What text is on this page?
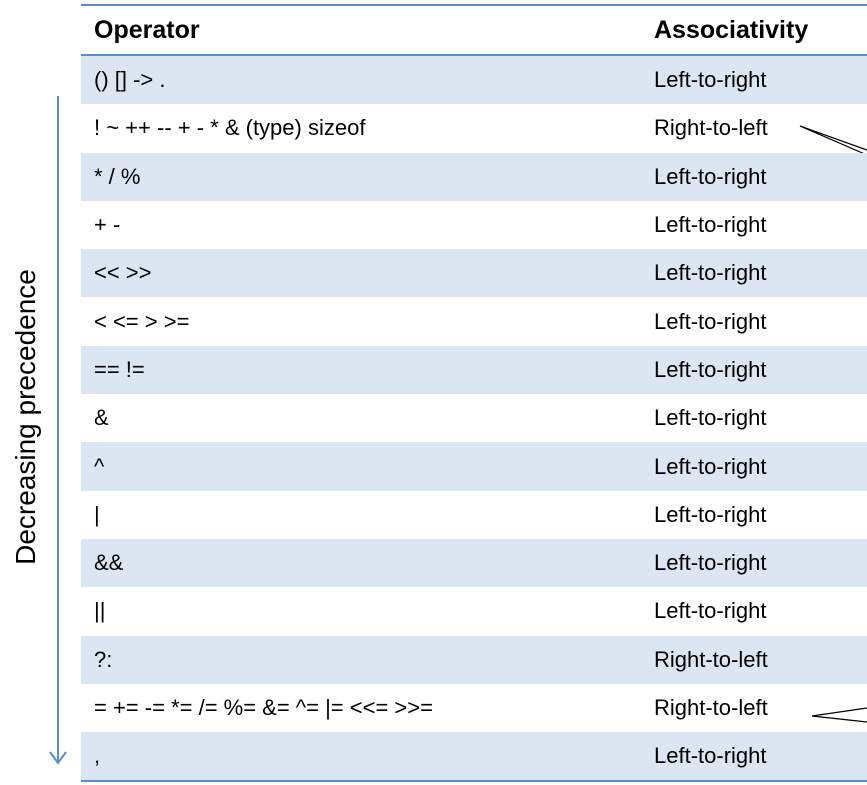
Decreasing precedence
Operator	Associativity
() [] -> .	Left-to-right
! ~ ++ -- + - * & (type) sizeof	Right-to-left
* / %	Left-to-right
+ -	Left-to-right
<< >>	Left-to-right
< <= > >=	Left-to-right
== !=	Left-to-right
&	Left-to-right
^	Left-to-right
|	Left-to-right
&&	Left-to-right
||	Left-to-right
?:	Right-to-left
= += -= *= /= %= &= ^= |= <<= >>=	Right-to-left
,	Left-to-right
